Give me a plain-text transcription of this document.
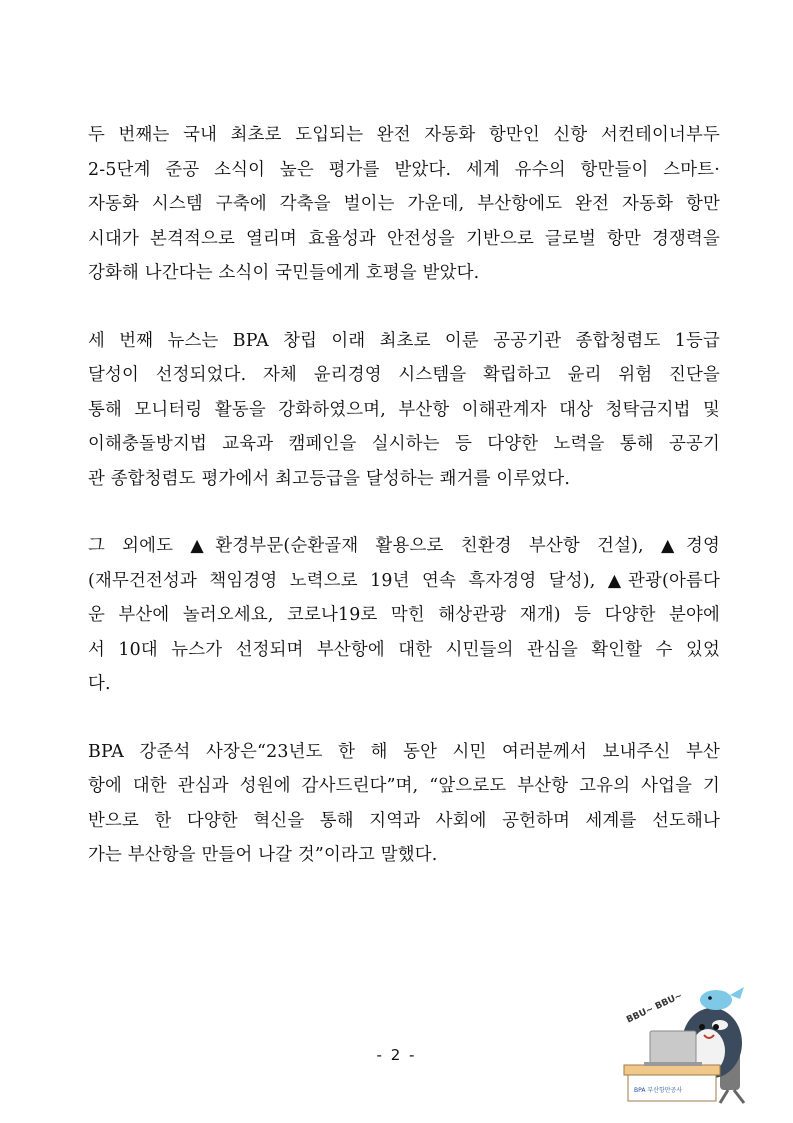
두 번째는 국내 최초로 도입되는 완전 자동화 항만인 신항 서컨테이너부두
2-5단계 준공 소식이 높은 평가를 받았다. 세계 유수의 항만들이 스마트·
자동화 시스템 구축에 각축을 벌이는 가운데, 부산항에도 완전 자동화 항만
시대가 본격적으로 열리며 효율성과 안전성을 기반으로 글로벌 항만 경쟁력을
강화해 나간다는 소식이 국민들에게 호평을 받았다.

세 번째 뉴스는 BPA 창립 이래 최초로 이룬 공공기관 종합청렴도 1등급
달성이 선정되었다. 자체 윤리경영 시스템을 확립하고 윤리 위험 진단을
통해 모니터링 활동을 강화하였으며, 부산항 이해관계자 대상 청탁금지법 및
이해충돌방지법 교육과 캠페인을 실시하는 등 다양한 노력을 통해 공공기
관 종합청렴도 평가에서 최고등급을 달성하는 쾌거를 이루었다.

그 외에도 ▲환경부문(순환골재 활용으로 친환경 부산항 건설), ▲경영
(재무건전성과 책임경영 노력으로 19년 연속 흑자경영 달성), ▲관광(아름다
운 부산에 놀러오세요, 코로나19로 막힌 해상관광 재개) 등 다양한 분야에
서 10대 뉴스가 선정되며 부산항에 대한 시민들의 관심을 확인할 수 있었
다.

BPA 강준석 사장은“23년도 한 해 동안 시민 여러분께서 보내주신 부산
항에 대한 관심과 성원에 감사드린다”며, “앞으로도 부산항 고유의 사업을 기
반으로 한 다양한 혁신을 통해 지역과 사회에 공헌하며 세계를 선도해나
가는 부산항을 만들어 나갈 것”이라고 말했다.

- 2 -
BBU~ BBU~
BPA 부산항만공사
